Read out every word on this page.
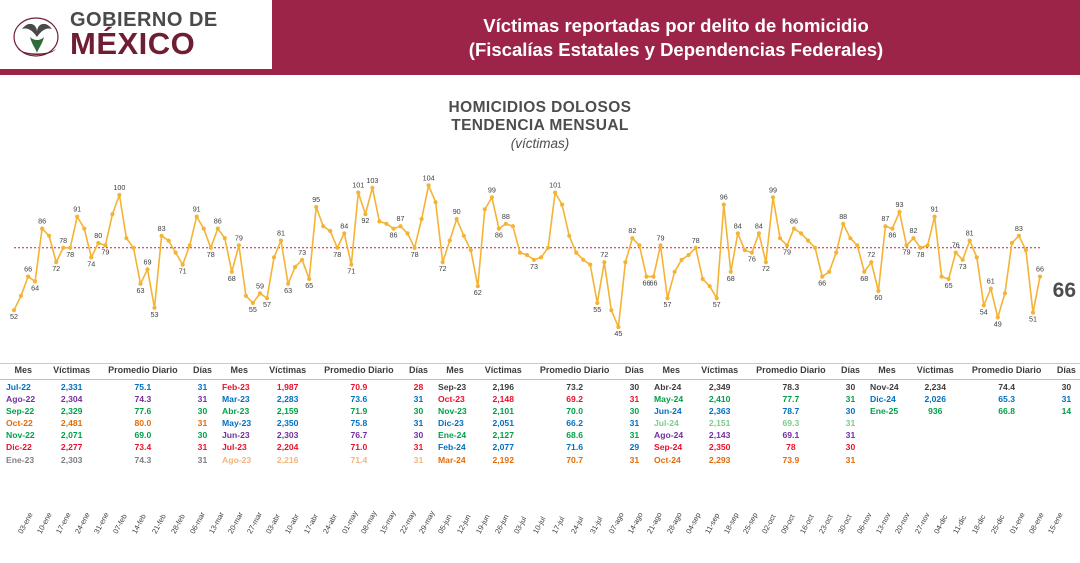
GOBIERNO DE
MÉXICO
Víctimas reportadas por delito de homicidio
(Fiscalías Estatales y Dependencias Federales)
HOMICIDIOS DOLOSOS
TENDENCIA MENSUAL
(víctimas)
52
66
64
86
72
78
78
91
74
80
79
100
63
69
53
83
71
91
78
86
68
79
55
59
57
81
63
73
65
95
78
84
71
101
92
103
86
87
78
104
72
90
62
99
86
88
73
101
55
72
45
82
66 66
79
57
78
57
96
68
84
76
84
72
99
79
86
66
88
68
72
60
87
86
93
79
82
78
91
65
76
73
81
54
61
49
83
51
66
66
Mes	Víctimas	Promedio Diario	Días
Jul-22	2,331	75.1	31
Ago-22	2,304	74.3	31
Sep-22	2,329	77.6	30
Oct-22	2,481	80.0	31
Nov-22	2,071	69.0	30
Dic-22	2,277	73.4	31
Ene-23	2,303	74.3	31
Mes	Víctimas	Promedio Diario	Días
Feb-23	1,987	70.9	28
Mar-23	2,283	73.6	31
Abr-23	2,159	71.9	30
May-23	2,350	75.8	31
Jun-23	2,303	76.7	30
Jul-23	2,204	71.0	31
Ago-23	2,216	71.4	31
Mes	Víctimas	Promedio Diario	Días
Sep-23	2,196	73.2	30
Oct-23	2,148	69.2	31
Nov-23	2,101	70.0	30
Dic-23	2,051	66.2	31
Ene-24	2,127	68.6	31
Feb-24	2,077	71.6	29
Mar-24	2,192	70.7	31
Mes	Víctimas	Promedio Diario	Días
Abr-24	2,349	78.3	30
May-24	2,410	77.7	31
Jun-24	2,363	78.7	30
Jul-24	2,151	69.3	31
Ago-24	2,143	69.1	31
Sep-24	2,350	78	30
Oct-24	2,293	73.9	31
Mes	Víctimas	Promedio Diario	Días
Nov-24	2,234	74.4	30
Dic-24	2,026	65.3	31
Ene-25	936	66.8	14
03-ene 10-ene 17-ene 24-ene 31-ene 07-feb 14-feb 21-feb 28-feb 06-mar 13-mar 20-mar 27-mar 03-abr 10-abr 17-abr 24-abr 01-may 08-may 15-may 22-may 29-may 05-jun 12-jun 19-jun 26-jun 03-jul 10-jul 17-jul 24-jul 31-jul 07-ago 14-ago 21-ago 28-ago 04-sep 11-sep 18-sep 25-sep 02-oct 09-oct 16-oct 23-oct 30-oct 06-nov 13-nov 20-nov 27-nov 04-dic 11-dic 18-dic 25-dic 01-ene 08-ene 15-ene
